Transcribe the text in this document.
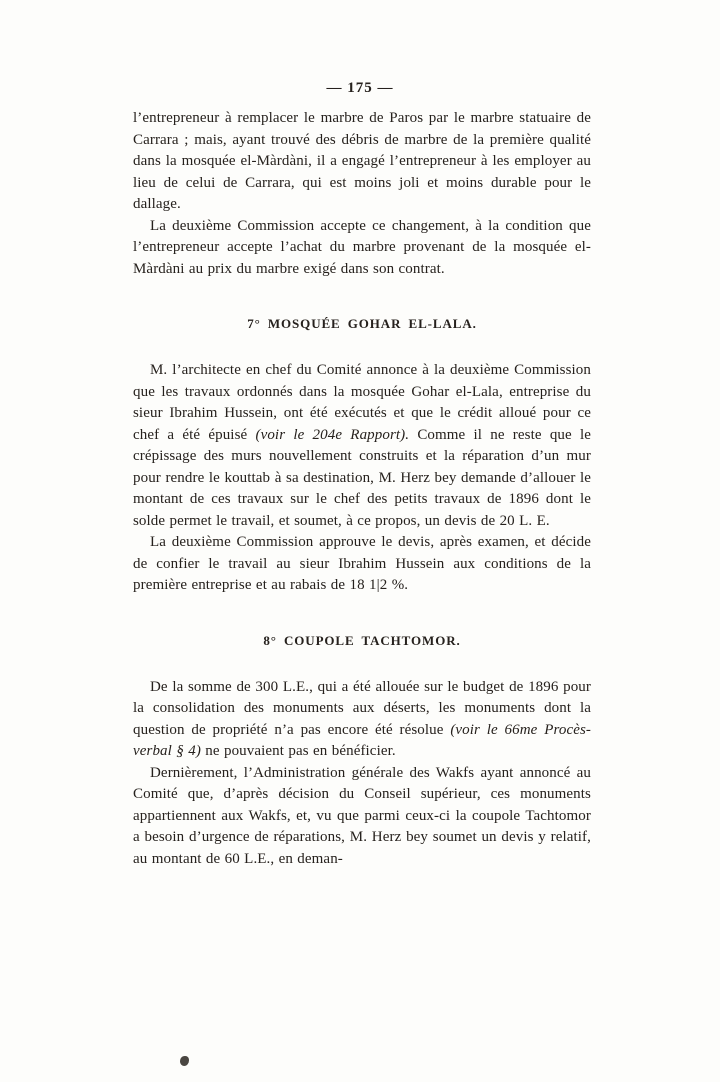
— 175 —

l’entrepreneur à remplacer le marbre de Paros par le marbre statuaire de Carrara ; mais, ayant trouvé des débris de marbre de la première qualité dans la mosquée el-Màrdàni, il a engagé l’entrepreneur à les employer au lieu de celui de Carrara, qui est moins joli et moins durable pour le dallage.

La deuxième Commission accepte ce changement, à la condition que l’entrepreneur accepte l’achat du marbre provenant de la mosquée el-Màrdàni au prix du marbre exigé dans son contrat.

7° MOSQUÉE GOHAR EL-LALA.

M. l’architecte en chef du Comité annonce à la deuxième Commission que les travaux ordonnés dans la mosquée Gohar el-Lala, entreprise du sieur Ibrahim Hussein, ont été exécutés et que le crédit alloué pour ce chef a été épuisé (voir le 204e Rapport). Comme il ne reste que le crépissage des murs nouvellement construits et la réparation d’un mur pour rendre le kouttab à sa destination, M. Herz bey demande d’allouer le montant de ces travaux sur le chef des petits travaux de 1896 dont le solde permet le travail, et soumet, à ce propos, un devis de 20 L. E.

La deuxième Commission approuve le devis, après examen, et décide de confier le travail au sieur Ibrahim Hussein aux conditions de la première entreprise et au rabais de 18 1|2 %.

8° COUPOLE TACHTOMOR.

De la somme de 300 L.E., qui a été allouée sur le budget de 1896 pour la consolidation des monuments aux déserts, les monuments dont la question de propriété n’a pas encore été résolue (voir le 66me Procès-verbal § 4) ne pouvaient pas en bénéficier.

Dernièrement, l’Administration générale des Wakfs ayant annoncé au Comité que, d’après décision du Conseil supérieur, ces monuments appartiennent aux Wakfs, et, vu que parmi ceux-ci la coupole Tachtomor a besoin d’urgence de réparations, M. Herz bey soumet un devis y relatif, au montant de 60 L.E., en deman-
